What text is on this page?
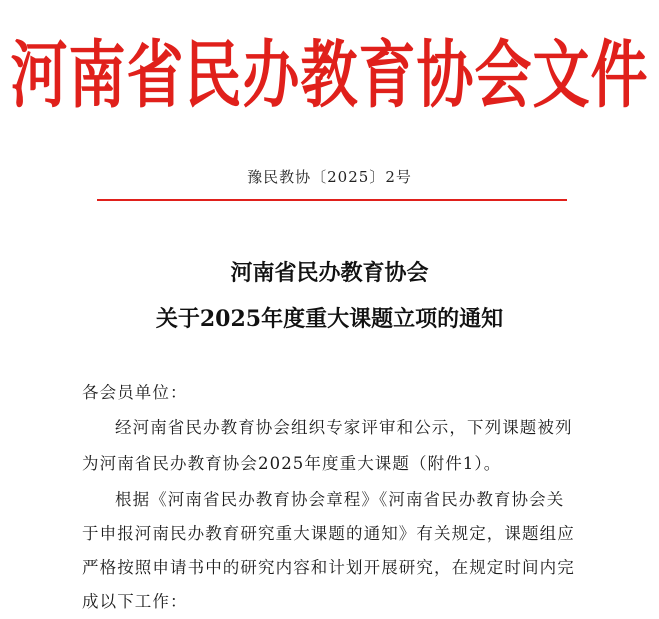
河南省民办教育协会文件
豫民教协〔2025〕2号
河南省民办教育协会
关于2025年度重大课题立项的通知
各会员单位：
经河南省民办教育协会组织专家评审和公示，下列课题被列
为河南省民办教育协会2025年度重大课题（附件1）。
根据《河南省民办教育协会章程》《河南省民办教育协会关
于申报河南民办教育研究重大课题的通知》有关规定，课题组应
严格按照申请书中的研究内容和计划开展研究，在规定时间内完
成以下工作：
